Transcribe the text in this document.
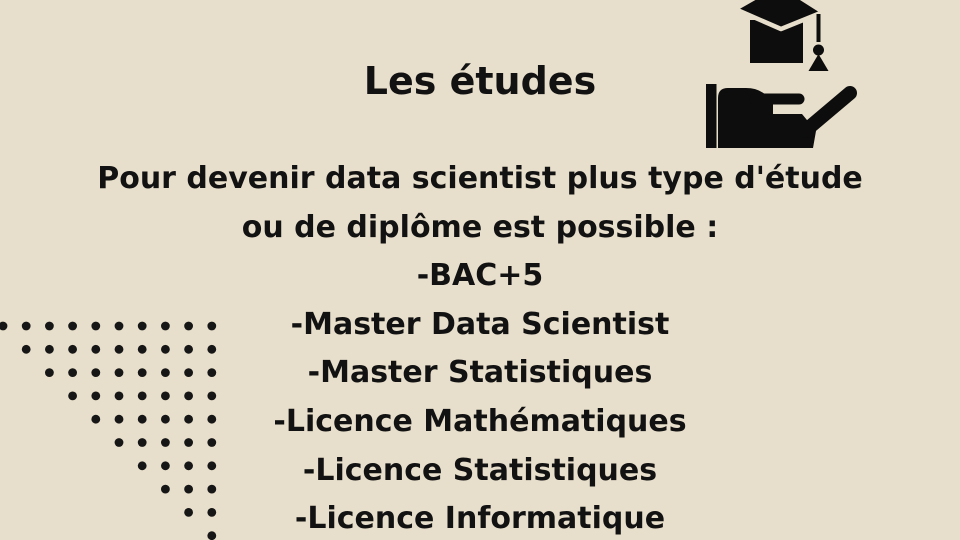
Les études
Pour devenir data scientist plus type d'étude
ou de diplôme est possible :
-BAC+5
-Master Data Scientist
-Master Statistiques
-Licence Mathématiques
-Licence Statistiques
-Licence Informatique
